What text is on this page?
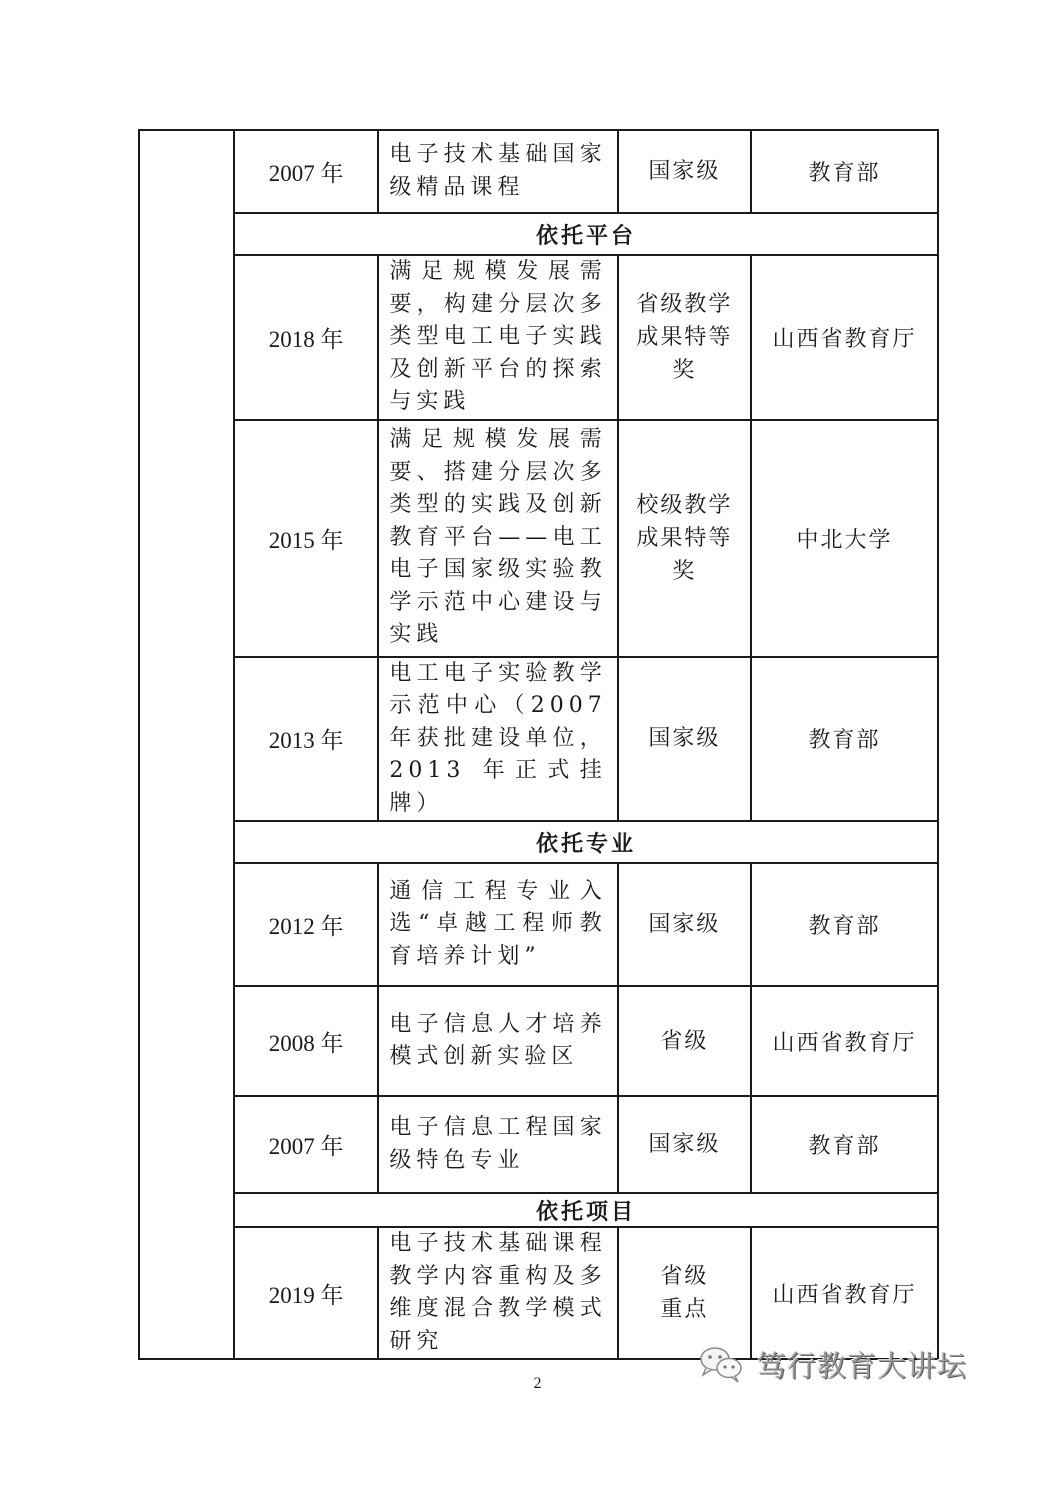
	2007 年	电子技术基础国家级精品课程	国家级	教育部
	依托平台			
	2018 年	满足规模发展需要，构建分层次多类型电工电子实践及创新平台的探索与实践	省级教学
成果特等
奖	山西省教育厅
	2015 年	满足规模发展需要、搭建分层次多类型的实践及创新教育平台——电工电子国家级实验教学示范中心建设与实践	校级教学
成果特等
奖	中北大学
	2013 年	电工电子实验教学示范中心（2007 年获批建设单位，2013 年正式挂牌）	国家级	教育部
	依托专业			
	2012 年	通信工程专业入选“卓越工程师教育培养计划”	国家级	教育部
	2008 年	电子信息人才培养模式创新实验区	省级	山西省教育厅
	2007 年	电子信息工程国家级特色专业	国家级	教育部
	依托项目			
	2019 年	电子技术基础课程教学内容重构及多维度混合教学模式研究	省级
重点	山西省教育厅
2
笃行教育大讲坛
